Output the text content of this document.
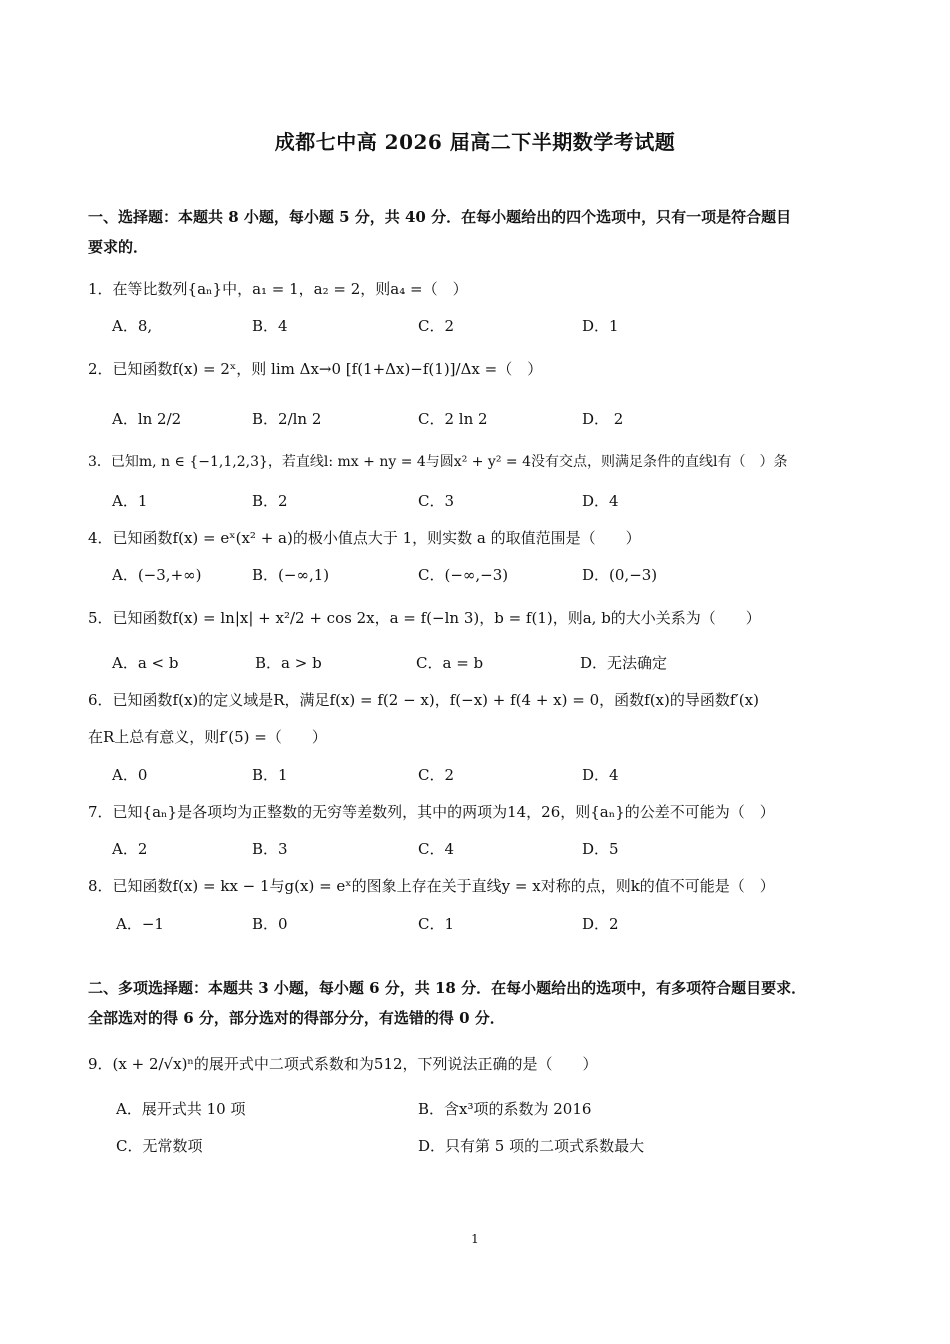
成都七中高 2026 届高二下半期数学考试题
一、选择题：本题共 8 小题，每小题 5 分，共 40 分．在每小题给出的四个选项中，只有一项是符合题目
要求的．
1．在等比数列{aₙ}中，a₁ = 1，a₂ = 2，则a₄ =（　）
A．8,	B．4	C．2	D．1
2．已知函数f(x) = 2ˣ，则 lim Δx→0 [f(1+Δx)−f(1)]/Δx =（　）
A．ln 2/2	B．2/ln 2	C．2 ln 2	D． 2
3．已知m, n ∈ {−1,1,2,3}，若直线l: mx + ny = 4与圆x² + y² = 4没有交点，则满足条件的直线l有（　）条
A．1	B．2	C．3	D．4
4．已知函数f(x) = eˣ(x² + a)的极小值点大于 1，则实数 a 的取值范围是（　　）
A．(−3,+∞)	B．(−∞,1)	C．(−∞,−3)	D．(0,−3)
5．已知函数f(x) = ln|x| + x²/2 + cos 2x，a = f(−ln 3)，b = f(1)，则a, b的大小关系为（　　）
A．a < b	B．a > b	C．a = b	D．无法确定
6．已知函数f(x)的定义域是R，满足f(x) = f(2 − x)，f(−x) + f(4 + x) = 0，函数f(x)的导函数f′(x)
在R上总有意义，则f′(5) =（　　）
A．0	B．1	C．2	D．4
7．已知{aₙ}是各项均为正整数的无穷等差数列，其中的两项为14，26，则{aₙ}的公差不可能为（　）
A．2	B．3	C．4	D．5
8．已知函数f(x) = kx − 1与g(x) = eˣ的图象上存在关于直线y = x对称的点，则k的值不可能是（　）
A．−1	B．0	C．1	D．2
二、多项选择题：本题共 3 小题，每小题 6 分，共 18 分．在每小题给出的选项中，有多项符合题目要求．
全部选对的得 6 分，部分选对的得部分分，有选错的得 0 分．
9．(x + 2/√x)ⁿ的展开式中二项式系数和为512，下列说法正确的是（　　）
A．展开式共 10 项	B．含x³项的系数为 2016
C．无常数项	D．只有第 5 项的二项式系数最大
1
